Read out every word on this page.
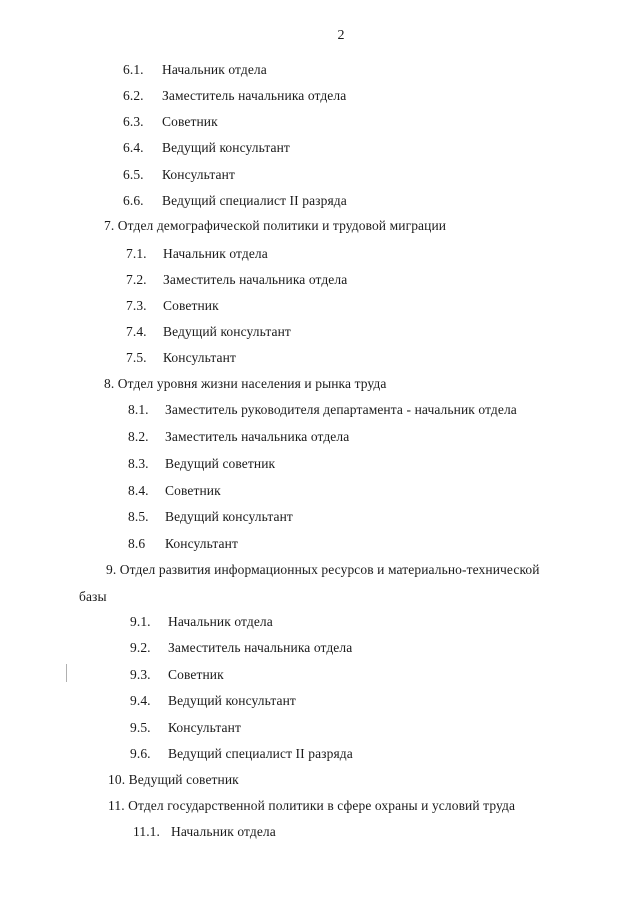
2
6.1. Начальник отдела
6.2. Заместитель начальника отдела
6.3. Советник
6.4. Ведущий консультант
6.5. Консультант
6.6. Ведущий специалист II разряда
7. Отдел демографической политики и трудовой миграции
7.1. Начальник отдела
7.2. Заместитель начальника отдела
7.3. Советник
7.4. Ведущий консультант
7.5. Консультант
8. Отдел уровня жизни населения и рынка труда
8.1. Заместитель руководителя департамента - начальник отдела
8.2. Заместитель начальника отдела
8.3. Ведущий советник
8.4. Советник
8.5. Ведущий консультант
8.6 Консультант
9. Отдел развития информационных ресурсов и материально-технической
базы
9.1. Начальник отдела
9.2. Заместитель начальника отдела
9.3. Советник
9.4. Ведущий консультант
9.5. Консультант
9.6. Ведущий специалист II разряда
10. Ведущий советник
11. Отдел государственной политики в сфере охраны и условий труда
11.1. Начальник отдела
